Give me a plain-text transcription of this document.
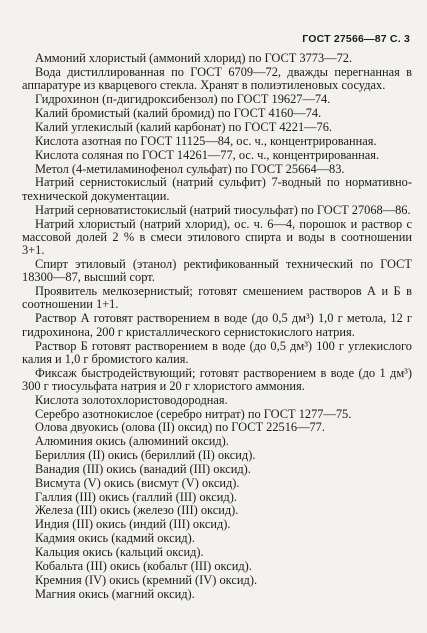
ГОСТ 27566—87 С. 3

Аммоний хлористый (аммоний хлорид) по ГОСТ 3773—72.

Вода дистиллированная по ГОСТ 6709—72, дважды перегнанная в аппаратуре из кварцевого стекла. Хранят в полиэтиленовых сосудах.

Гидрохинон (п-дигидроксибензол) по ГОСТ 19627—74.

Калий бромистый (калий бромид) по ГОСТ 4160—74.

Калий углекислый (калий карбонат) по ГОСТ 4221—76.

Кислота азотная по ГОСТ 11125—84, ос. ч., концентрированная.

Кислота соляная по ГОСТ 14261—77, ос. ч., концентрированная.

Метол (4-метиламинофенол сульфат) по ГОСТ 25664—83.

Натрий сернистокислый (натрий сульфит) 7-водный по нормативно-технической документации.

Натрий серноватистокислый (натрий тиосульфат) по ГОСТ 27068—86.

Натрий хлористый (натрий хлорид), ос. ч. 6—4, порошок и раствор с массовой долей 2 % в смеси этилового спирта и воды в соотношении 3+1.

Спирт этиловый (этанол) ректификованный технический по ГОСТ 18300—87, высший сорт.

Проявитель мелкозернистый; готовят смешением растворов А и Б в соотношении 1+1.

Раствор А готовят растворением в воде (до 0,5 дм³) 1,0 г метола, 12 г гидрохинона, 200 г кристаллического сернистокислого натрия.

Раствор Б готовят растворением в воде (до 0,5 дм³) 100 г углекислого калия и 1,0 г бромистого калия.

Фиксаж быстродействующий; готовят растворением в воде (до 1 дм³) 300 г тиосульфата натрия и 20 г хлористого аммония.

Кислота золотохлористоводородная.

Серебро азотнокислое (серебро нитрат) по ГОСТ 1277—75.

Олова двуокись (олова (II) оксид) по ГОСТ 22516—77.

Алюминия окись (алюминий оксид).

Бериллия (II) окись (бериллий (II) оксид).

Ванадия (III) окись (ванадий (III) оксид).

Висмута (V) окись (висмут (V) оксид).

Галлия (III) окись (галлий (III) оксид).

Железа (III) окись (железо (III) оксид).

Индия (III) окись (индий (III) оксид).

Кадмия окись (кадмий оксид).

Кальция окись (кальций оксид).

Кобальта (III) окись (кобальт (III) оксид).

Кремния (IV) окись (кремний (IV) оксид).

Магния окись (магний оксид).
